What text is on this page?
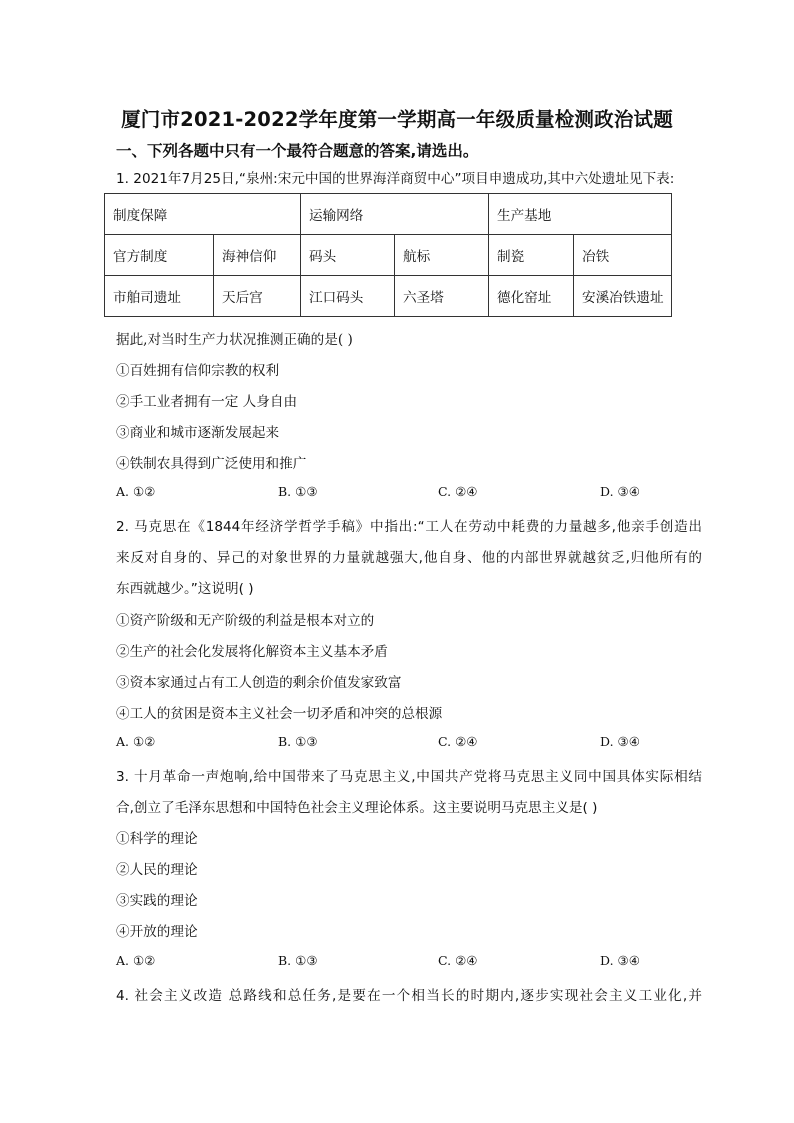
厦门市2021-2022学年度第一学期高一年级质量检测政治试题
一、下列各题中只有一个最符合题意的答案,请选出。
1. 2021年7月25日,“泉州:宋元中国的世界海洋商贸中心”项目申遗成功,其中六处遗址见下表:
制度保障		运输网络		生产基地	
官方制度	海神信仰	码头	航标	制瓷	冶铁
市舶司遗址	天后宫	江口码头	六圣塔	德化窑址	安溪冶铁遗址
据此,对当时生产力状况推测正确的是( )
①百姓拥有信仰宗教的权利
②手工业者拥有一定 人身自由
③商业和城市逐渐发展起来
④铁制农具得到广泛使用和推广
A. ①②	B. ①③	C. ②④	D. ③④
2. 马克思在《1844年经济学哲学手稿》中指出:“工人在劳动中耗费的力量越多,他亲手创造出
来反对自身的、异己的对象世界的力量就越强大,他自身、他的内部世界就越贫乏,归他所有的
东西就越少。”这说明( )
①资产阶级和无产阶级的利益是根本对立的
②生产的社会化发展将化解资本主义基本矛盾
③资本家通过占有工人创造的剩余价值发家致富
④工人的贫困是资本主义社会一切矛盾和冲突的总根源
A. ①②	B. ①③	C. ②④	D. ③④
3. 十月革命一声炮响,给中国带来了马克思主义,中国共产党将马克思主义同中国具体实际相结
合,创立了毛泽东思想和中国特色社会主义理论体系。这主要说明马克思主义是( )
①科学的理论
②人民的理论
③实践的理论
④开放的理论
A. ①②	B. ①③	C. ②④	D. ③④
4. 社会主义改造 总路线和总任务,是要在一个相当长的时期内,逐步实现社会主义工业化,并
